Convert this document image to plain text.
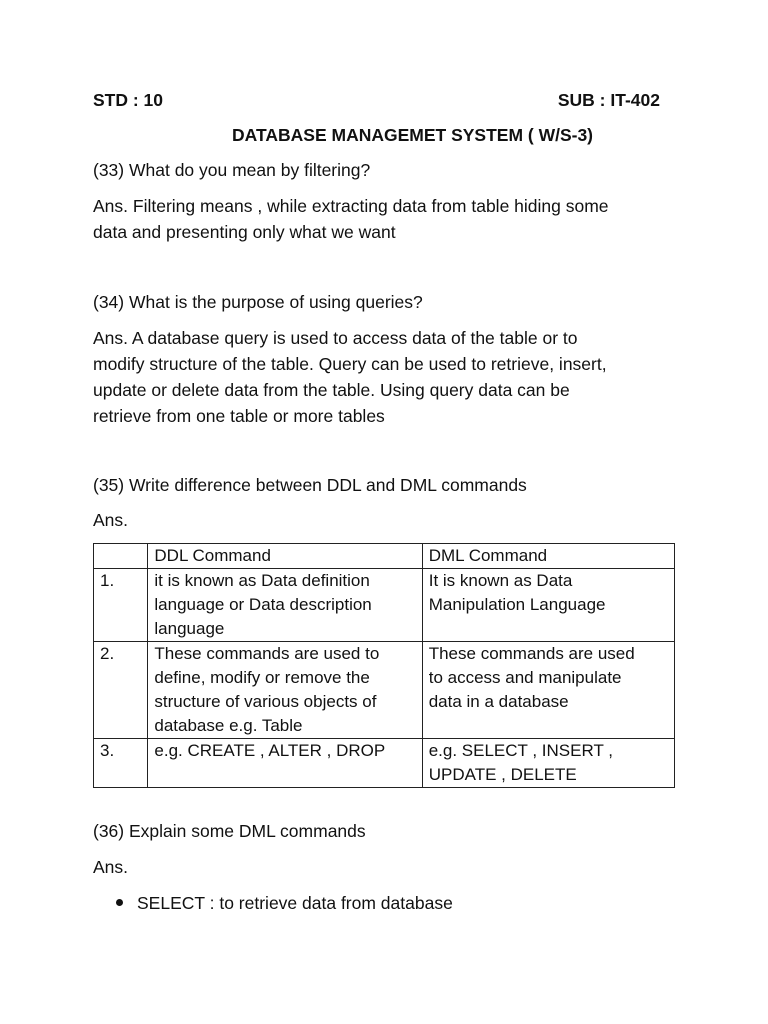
STD : 10	SUB : IT-402

DATABASE MANAGEMET SYSTEM ( W/S-3)

(33) What do you mean by filtering?

Ans. Filtering means , while extracting data from table hiding some
data and presenting only what we want

(34) What is the purpose of using queries?

Ans. A database query is used to access data of the table or to
modify structure of the table. Query can be used to retrieve, insert,
update or delete data from the table. Using query data can be
retrieve from one table or more tables

(35) Write difference between DDL and DML commands

Ans.

	DDL Command	DML Command
1.	it is known as Data definition
language or Data description
language	It is known as Data
Manipulation Language

2.	These commands are used to
define, modify or remove the
structure of various objects of
database e.g. Table	These commands are used
to access and manipulate
data in a database

3.	e.g. CREATE , ALTER , DROP	e.g. SELECT , INSERT ,
UPDATE , DELETE

(36) Explain some DML commands

Ans.

SELECT : to retrieve data from database
